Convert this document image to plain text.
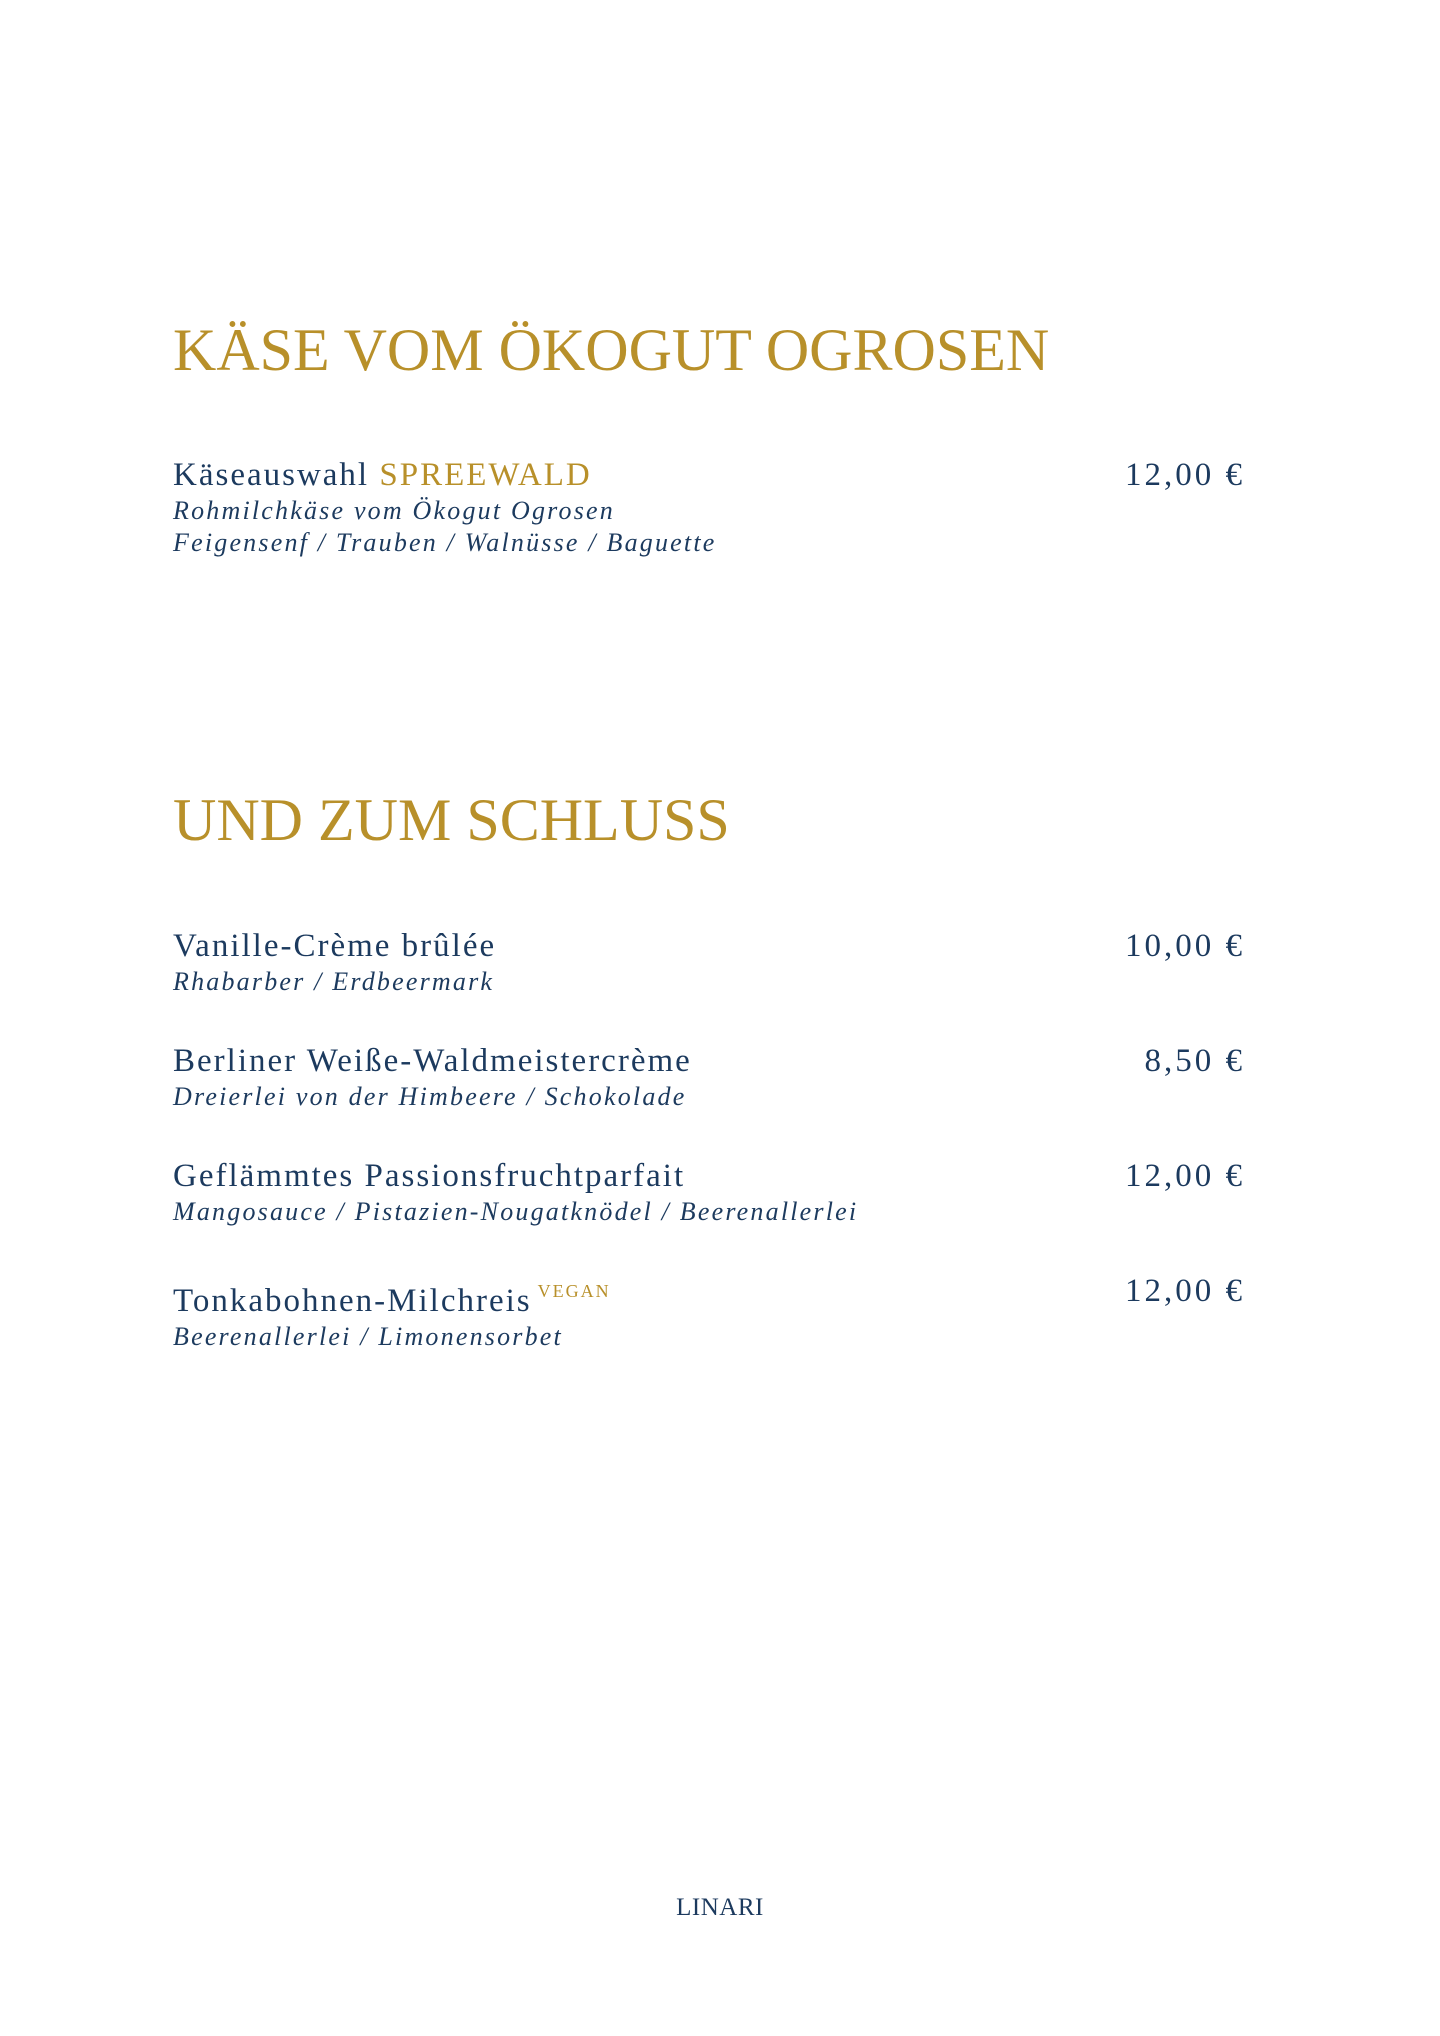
KÄSE VOM ÖKOGUT OGROSEN
Käseauswahl SPREEWALD
Rohmilchkäse vom Ökogut Ogrosen
Feigensenf / Trauben / Walnüsse / Baguette
12,00 €
UND ZUM SCHLUSS
Vanille-Crème brûlée
Rhabarber / Erdbeermark
10,00 €
Berliner Weiße-Waldmeistercrème
Dreierlei von der Himbeere / Schokolade
8,50 €
Geflämmtes Passionsfruchtparfait
Mangosauce / Pistazien-Nougatknödel / Beerenallerlei
12,00 €
Tonkabohnen-Milchreis $^{VEGAN}$
Beerenallerlei / Limonensorbet
12,00 €
LINARI
